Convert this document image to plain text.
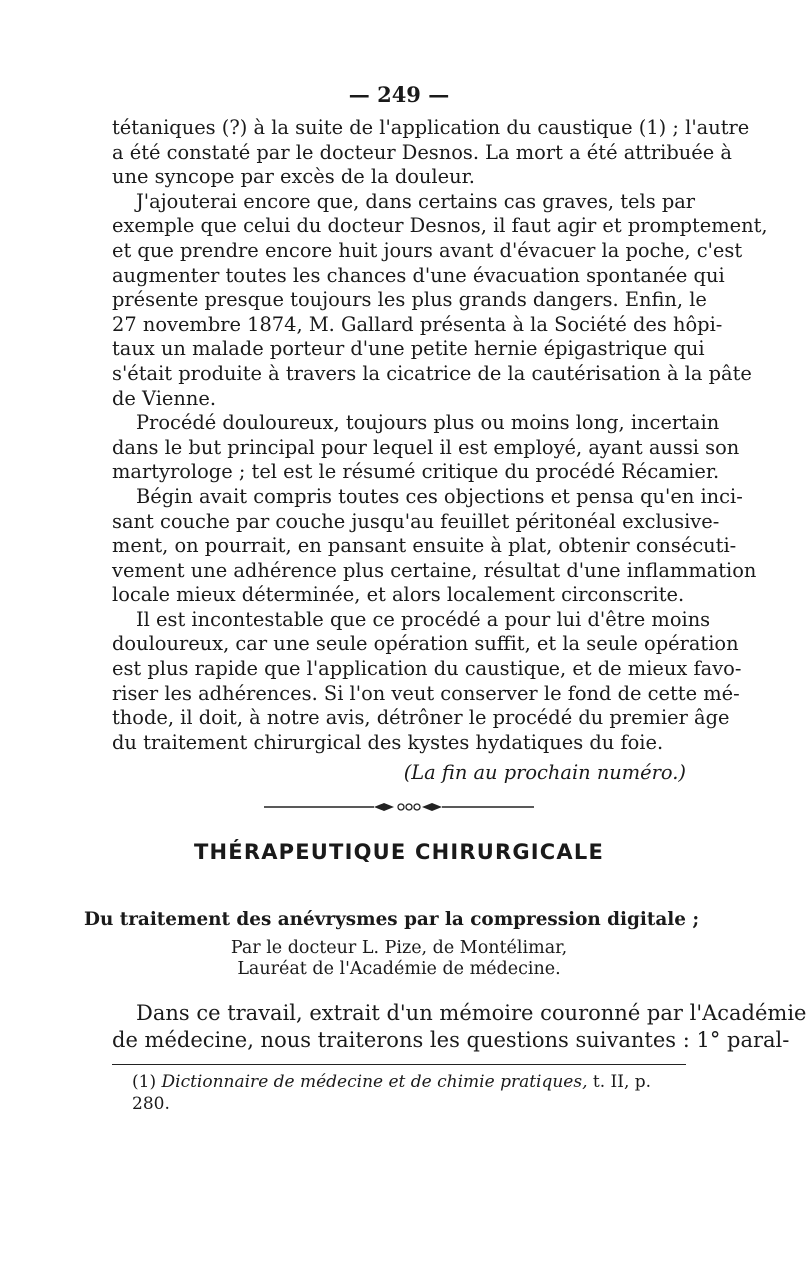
— 249 —
tétaniques (?) à la suite de l'application du caustique (1) ; l'autre
a été constaté par le docteur Desnos. La mort a été attribuée à
une syncope par excès de la douleur.
J'ajouterai encore que, dans certains cas graves, tels par
exemple que celui du docteur Desnos, il faut agir et promptement,
et que prendre encore huit jours avant d'évacuer la poche, c'est
augmenter toutes les chances d'une évacuation spontanée qui
présente presque toujours les plus grands dangers. Enfin, le
27 novembre 1874, M. Gallard présenta à la Société des hôpi-
taux un malade porteur d'une petite hernie épigastrique qui
s'était produite à travers la cicatrice de la cautérisation à la pâte
de Vienne.
Procédé douloureux, toujours plus ou moins long, incertain
dans le but principal pour lequel il est employé, ayant aussi son
martyrologe ; tel est le résumé critique du procédé Récamier.
Bégin avait compris toutes ces objections et pensa qu'en inci-
sant couche par couche jusqu'au feuillet péritonéal exclusive-
ment, on pourrait, en pansant ensuite à plat, obtenir consécuti-
vement une adhérence plus certaine, résultat d'une inflammation
locale mieux déterminée, et alors localement circonscrite.
Il est incontestable que ce procédé a pour lui d'être moins
douloureux, car une seule opération suffit, et la seule opération
est plus rapide que l'application du caustique, et de mieux favo-
riser les adhérences. Si l'on veut conserver le fond de cette mé-
thode, il doit, à notre avis, détrôner le procédé du premier âge
du traitement chirurgical des kystes hydatiques du foie.
(La fin au prochain numéro.)
THÉRAPEUTIQUE CHIRURGICALE
Du traitement des anévrysmes par la compression digitale ;
Par le docteur L. Pize, de Montélimar,
Lauréat de l'Académie de médecine.
Dans ce travail, extrait d'un mémoire couronné par l'Académie
de médecine, nous traiterons les questions suivantes : 1° paral-
(1) Dictionnaire de médecine et de chimie pratiques, t. II, p. 280.
